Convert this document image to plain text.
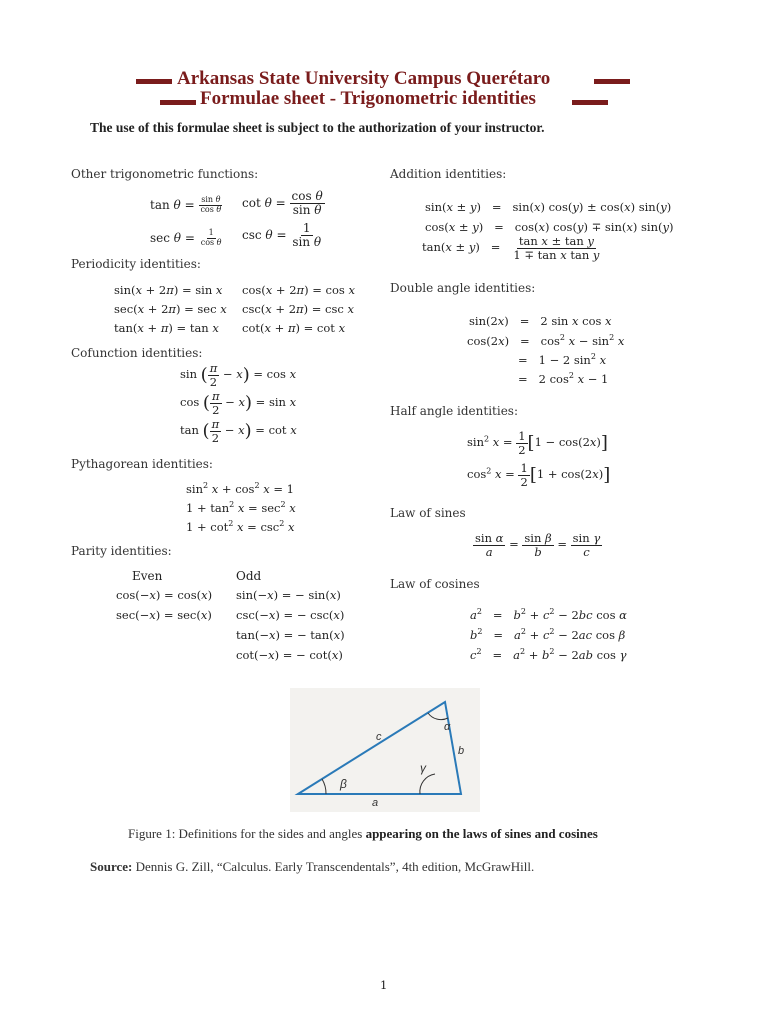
Arkansas State University Campus Querétaro
Formulae sheet - Trigonometric identities
The use of this formulae sheet is subject to the authorization of your instructor.
Other trigonometric functions:
$\tan \theta = \frac{\text{sin θ}}{\text{cos θ}}$ $\cot \theta = \frac{\text{cos θ}}{\text{sin θ}}$
$\sec \theta = \frac{1}{\text{cos θ}}$ $\csc \theta = \frac{1}{\text{sin θ}}$
Periodicity identities:
sin(x + 2π) = sin x cos(x + 2π) = cos x
sec(x + 2π) = sec x csc(x + 2π) = csc x
tan(x + π) = tan x cot(x + π) = cot x
Cofunction identities:
sin ( $\frac{\pi}{2} - x) = \cos x$
cos ( $\frac{\pi}{2} - x) = \sin x$
tan ( $\frac{\pi}{2} - x) = \cot x$
Pythagorean identities:
$\sin^2 x + \cos^2 x = 1$
$1 + \tan^2 x = \sec^2 x$
$1 + \cot^2 x = \csc^2 x$
Parity identities:
Even	Odd
cos(−x) = cos(x)
sec(−x) = sec(x)
sin(−x) = − sin(x)
csc(−x) = − csc(x)
tan(−x) = − tan(x)
cot(−x) = − cot(x)
Addition identities:
sin(x ± y)   =   sin(x) cos(y) ± cos(x) sin(y)
cos(x ± y)   =   cos(x) cos(y) ∓ sin(x) sin(y)
$\tan(x \pm y) = \frac{\text{tan x ± tan y}}{\text{1 ∓ tan x tan y}}$
Double angle identities:
sin(2x)   =   2 sin x cos x
$\cos(2x) = \cos^2 x - \sin^2 x$
=   1 − 2 $\sin^2 x$
=   2 $\cos^2 x - 1$
Half angle identities:
$\sin^2 x = \frac{1}{2} [1 - \cos(2x)]$
$\cos^2 x = \frac{1}{2} [1 + \cos(2x)]$
Law of sines
$\frac{\text{sin α}}{a} = \frac{\text{sin β}}{b} = \frac{\text{sin γ}}{c}$
Law of cosines
$a^2 = b^2 + c^2 - 2bc$ cos α
$b^2 = a^2 + c^2 - 2ac$ cos β
$c^2 = a^2 + b^2 - 2ab$ cos γ
c
b
a
α
β
γ
Figure 1: Definitions for the sides and angles appearing on the laws of sines and cosines
Source: Dennis G. Zill, “Calculus. Early Transcendentals”, 4th edition, McGrawHill.
1
